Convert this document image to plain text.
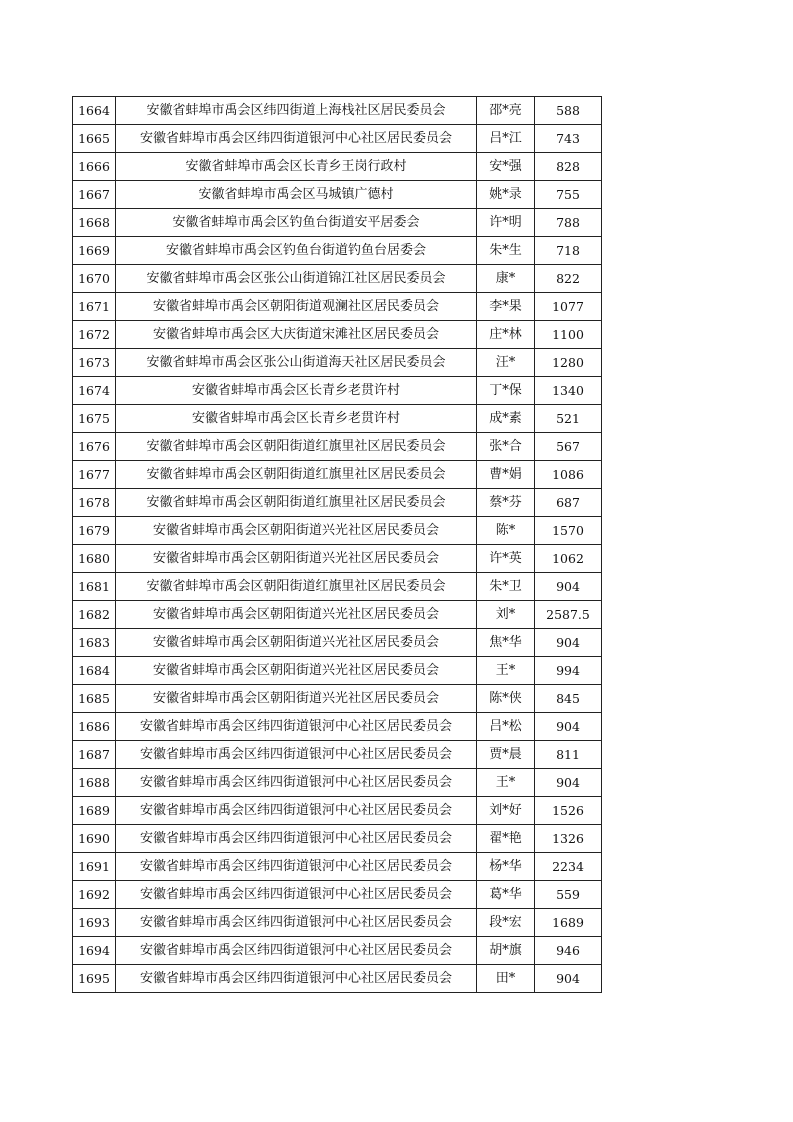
1664	安徽省蚌埠市禹会区纬四街道上海栈社区居民委员会	邵*亮	588
1665	安徽省蚌埠市禹会区纬四街道银河中心社区居民委员会	吕*江	743
1666	安徽省蚌埠市禹会区长青乡王岗行政村	安*强	828
1667	安徽省蚌埠市禹会区马城镇广德村	姚*录	755
1668	安徽省蚌埠市禹会区钓鱼台街道安平居委会	许*明	788
1669	安徽省蚌埠市禹会区钓鱼台街道钓鱼台居委会	朱*生	718
1670	安徽省蚌埠市禹会区张公山街道锦江社区居民委员会	康*	822
1671	安徽省蚌埠市禹会区朝阳街道观澜社区居民委员会	李*果	1077
1672	安徽省蚌埠市禹会区大庆街道宋滩社区居民委员会	庄*林	1100
1673	安徽省蚌埠市禹会区张公山街道海天社区居民委员会	汪*	1280
1674	安徽省蚌埠市禹会区长青乡老贯许村	丁*保	1340
1675	安徽省蚌埠市禹会区长青乡老贯许村	成*素	521
1676	安徽省蚌埠市禹会区朝阳街道红旗里社区居民委员会	张*合	567
1677	安徽省蚌埠市禹会区朝阳街道红旗里社区居民委员会	曹*娟	1086
1678	安徽省蚌埠市禹会区朝阳街道红旗里社区居民委员会	蔡*芬	687
1679	安徽省蚌埠市禹会区朝阳街道兴光社区居民委员会	陈*	1570
1680	安徽省蚌埠市禹会区朝阳街道兴光社区居民委员会	许*英	1062
1681	安徽省蚌埠市禹会区朝阳街道红旗里社区居民委员会	朱*卫	904
1682	安徽省蚌埠市禹会区朝阳街道兴光社区居民委员会	刘*	2587.5
1683	安徽省蚌埠市禹会区朝阳街道兴光社区居民委员会	焦*华	904
1684	安徽省蚌埠市禹会区朝阳街道兴光社区居民委员会	王*	994
1685	安徽省蚌埠市禹会区朝阳街道兴光社区居民委员会	陈*侠	845
1686	安徽省蚌埠市禹会区纬四街道银河中心社区居民委员会	吕*松	904
1687	安徽省蚌埠市禹会区纬四街道银河中心社区居民委员会	贾*晨	811
1688	安徽省蚌埠市禹会区纬四街道银河中心社区居民委员会	王*	904
1689	安徽省蚌埠市禹会区纬四街道银河中心社区居民委员会	刘*好	1526
1690	安徽省蚌埠市禹会区纬四街道银河中心社区居民委员会	翟*艳	1326
1691	安徽省蚌埠市禹会区纬四街道银河中心社区居民委员会	杨*华	2234
1692	安徽省蚌埠市禹会区纬四街道银河中心社区居民委员会	葛*华	559
1693	安徽省蚌埠市禹会区纬四街道银河中心社区居民委员会	段*宏	1689
1694	安徽省蚌埠市禹会区纬四街道银河中心社区居民委员会	胡*旗	946
1695	安徽省蚌埠市禹会区纬四街道银河中心社区居民委员会	田*	904
